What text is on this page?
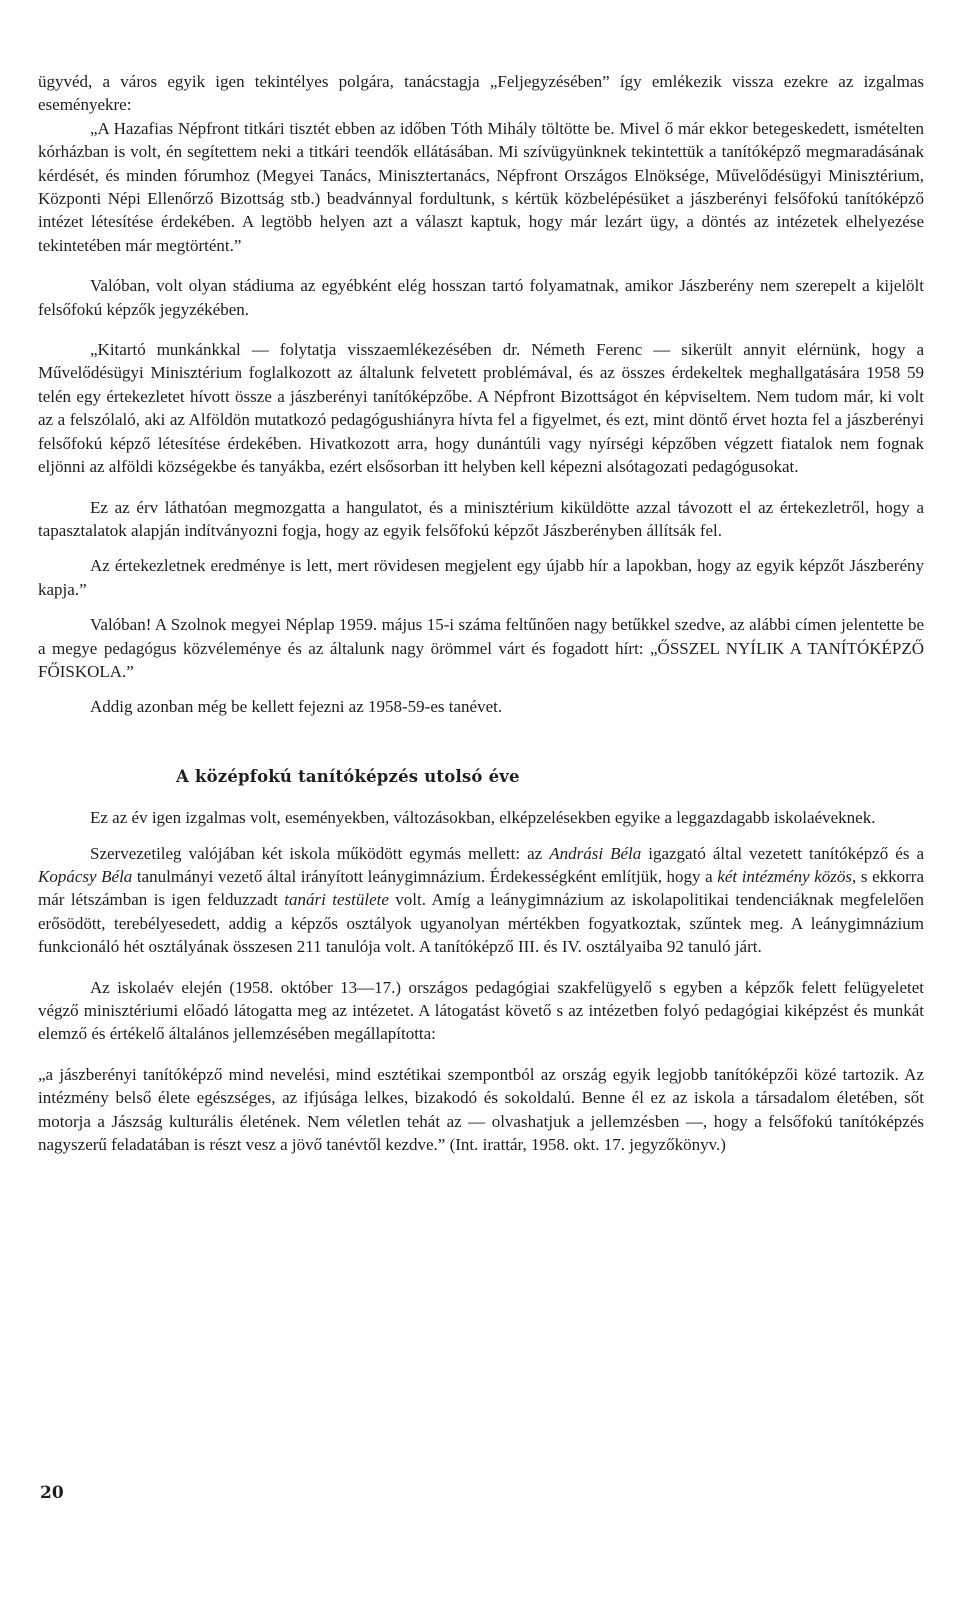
ügyvéd, a város egyik igen tekintélyes polgára, tanácstagja „Feljegyzésében” így emlékezik vissza ezekre az izgalmas eseményekre:

„A Hazafias Népfront titkári tisztét ebben az időben Tóth Mihály töltötte be. Mivel ő már ekkor betegeskedett, ismételten kórházban is volt, én segítettem neki a titkári teendők ellátásában. Mi szívügyünknek tekintettük a tanítóképző megmaradásának kérdését, és minden fórumhoz (Megyei Tanács, Minisztertanács, Népfront Országos Elnöksége, Művelődésügyi Minisztérium, Központi Népi Ellenőrző Bizottság stb.) beadvánnyal fordultunk, s kértük közbelépésüket a jászberényi felsőfokú tanítóképző intézet létesítése érdekében. A legtöbb helyen azt a választ kaptuk, hogy már lezárt ügy, a döntés az intézetek elhelyezése tekintetében már megtörtént.”

Valóban, volt olyan stádiuma az egyébként elég hosszan tartó folyamatnak, amikor Jászberény nem szerepelt a kijelölt felsőfokú képzők jegyzékében.

„Kitartó munkánkkal — folytatja visszaemlékezésében dr. Németh Ferenc — sikerült annyit elérnünk, hogy a Művelődésügyi Minisztérium foglalkozott az általunk felvetett problémával, és az összes érdekeltek meghallgatására 1958 59 telén egy értekezletet hívott össze a jászberényi tanítóképzőbe. A Népfront Bizottságot én képviseltem. Nem tudom már, ki volt az a felszólaló, aki az Alföldön mutatkozó pedagógushiányra hívta fel a figyelmet, és ezt, mint döntő érvet hozta fel a jászberényi felsőfokú képző létesítése érdekében. Hivatkozott arra, hogy dunántúli vagy nyírségi képzőben végzett fiatalok nem fognak eljönni az alföldi községekbe és tanyákba, ezért elsősorban itt helyben kell képezni alsótagozati pedagógusokat.

Ez az érv láthatóan megmozgatta a hangulatot, és a minisztérium kiküldötte azzal távozott el az értekezletről, hogy a tapasztalatok alapján indítványozni fogja, hogy az egyik felsőfokú képzőt Jászberényben állítsák fel.

Az értekezletnek eredménye is lett, mert rövidesen megjelent egy újabb hír a lapokban, hogy az egyik képzőt Jászberény kapja.”

Valóban! A Szolnok megyei Néplap 1959. május 15-i száma feltűnően nagy betűkkel szedve, az alábbi címen jelentette be a megye pedagógus közvéleménye és az általunk nagy örömmel várt és fogadott hírt: „ŐSSZEL NYÍLIK A TANÍTÓKÉPZŐ FŐISKOLA.”

Addig azonban még be kellett fejezni az 1958-59-es tanévet.

A középfokú tanítóképzés utolsó éve

Ez az év igen izgalmas volt, eseményekben, változásokban, elképzelésekben egyike a leggazdagabb iskolaéveknek.

Szervezetileg valójában két iskola működött egymás mellett: az Andrási Béla igazgató által vezetett tanítóképző és a Kopácsy Béla tanulmányi vezető által irányított leánygimnázium. Érdekességként említjük, hogy a két intézmény közös, s ekkorra már létszámban is igen felduzzadt tanári testülete volt. Amíg a leánygimnázium az iskolapolitikai tendenciáknak megfelelően erősödött, terebélyesedett, addig a képzős osztályok ugyanolyan mértékben fogyatkoztak, szűntek meg. A leánygimnázium funkcionáló hét osztályának összesen 211 tanulója volt. A tanítóképző III. és IV. osztályaiba 92 tanuló járt.

Az iskolaév elején (1958. október 13—17.) országos pedagógiai szakfelügyelő s egyben a képzők felett felügyeletet végző minisztériumi előadó látogatta meg az intézetet. A látogatást követő s az intézetben folyó pedagógiai kiképzést és munkát elemző és értékelő általános jellemzésében megállapította:

„a jászberényi tanítóképző mind nevelési, mind esztétikai szempontból az ország egyik legjobb tanítóképzői közé tartozik. Az intézmény belső élete egészséges, az ifjúsága lelkes, bizakodó és sokoldalú. Benne él ez az iskola a társadalom életében, sőt motorja a Jászság kulturális életének. Nem véletlen tehát az — olvashatjuk a jellemzésben —, hogy a felsőfokú tanítóképzés nagyszerű feladatában is részt vesz a jövő tanévtől kezdve.” (Int. irattár, 1958. okt. 17. jegyzőkönyv.)

20
